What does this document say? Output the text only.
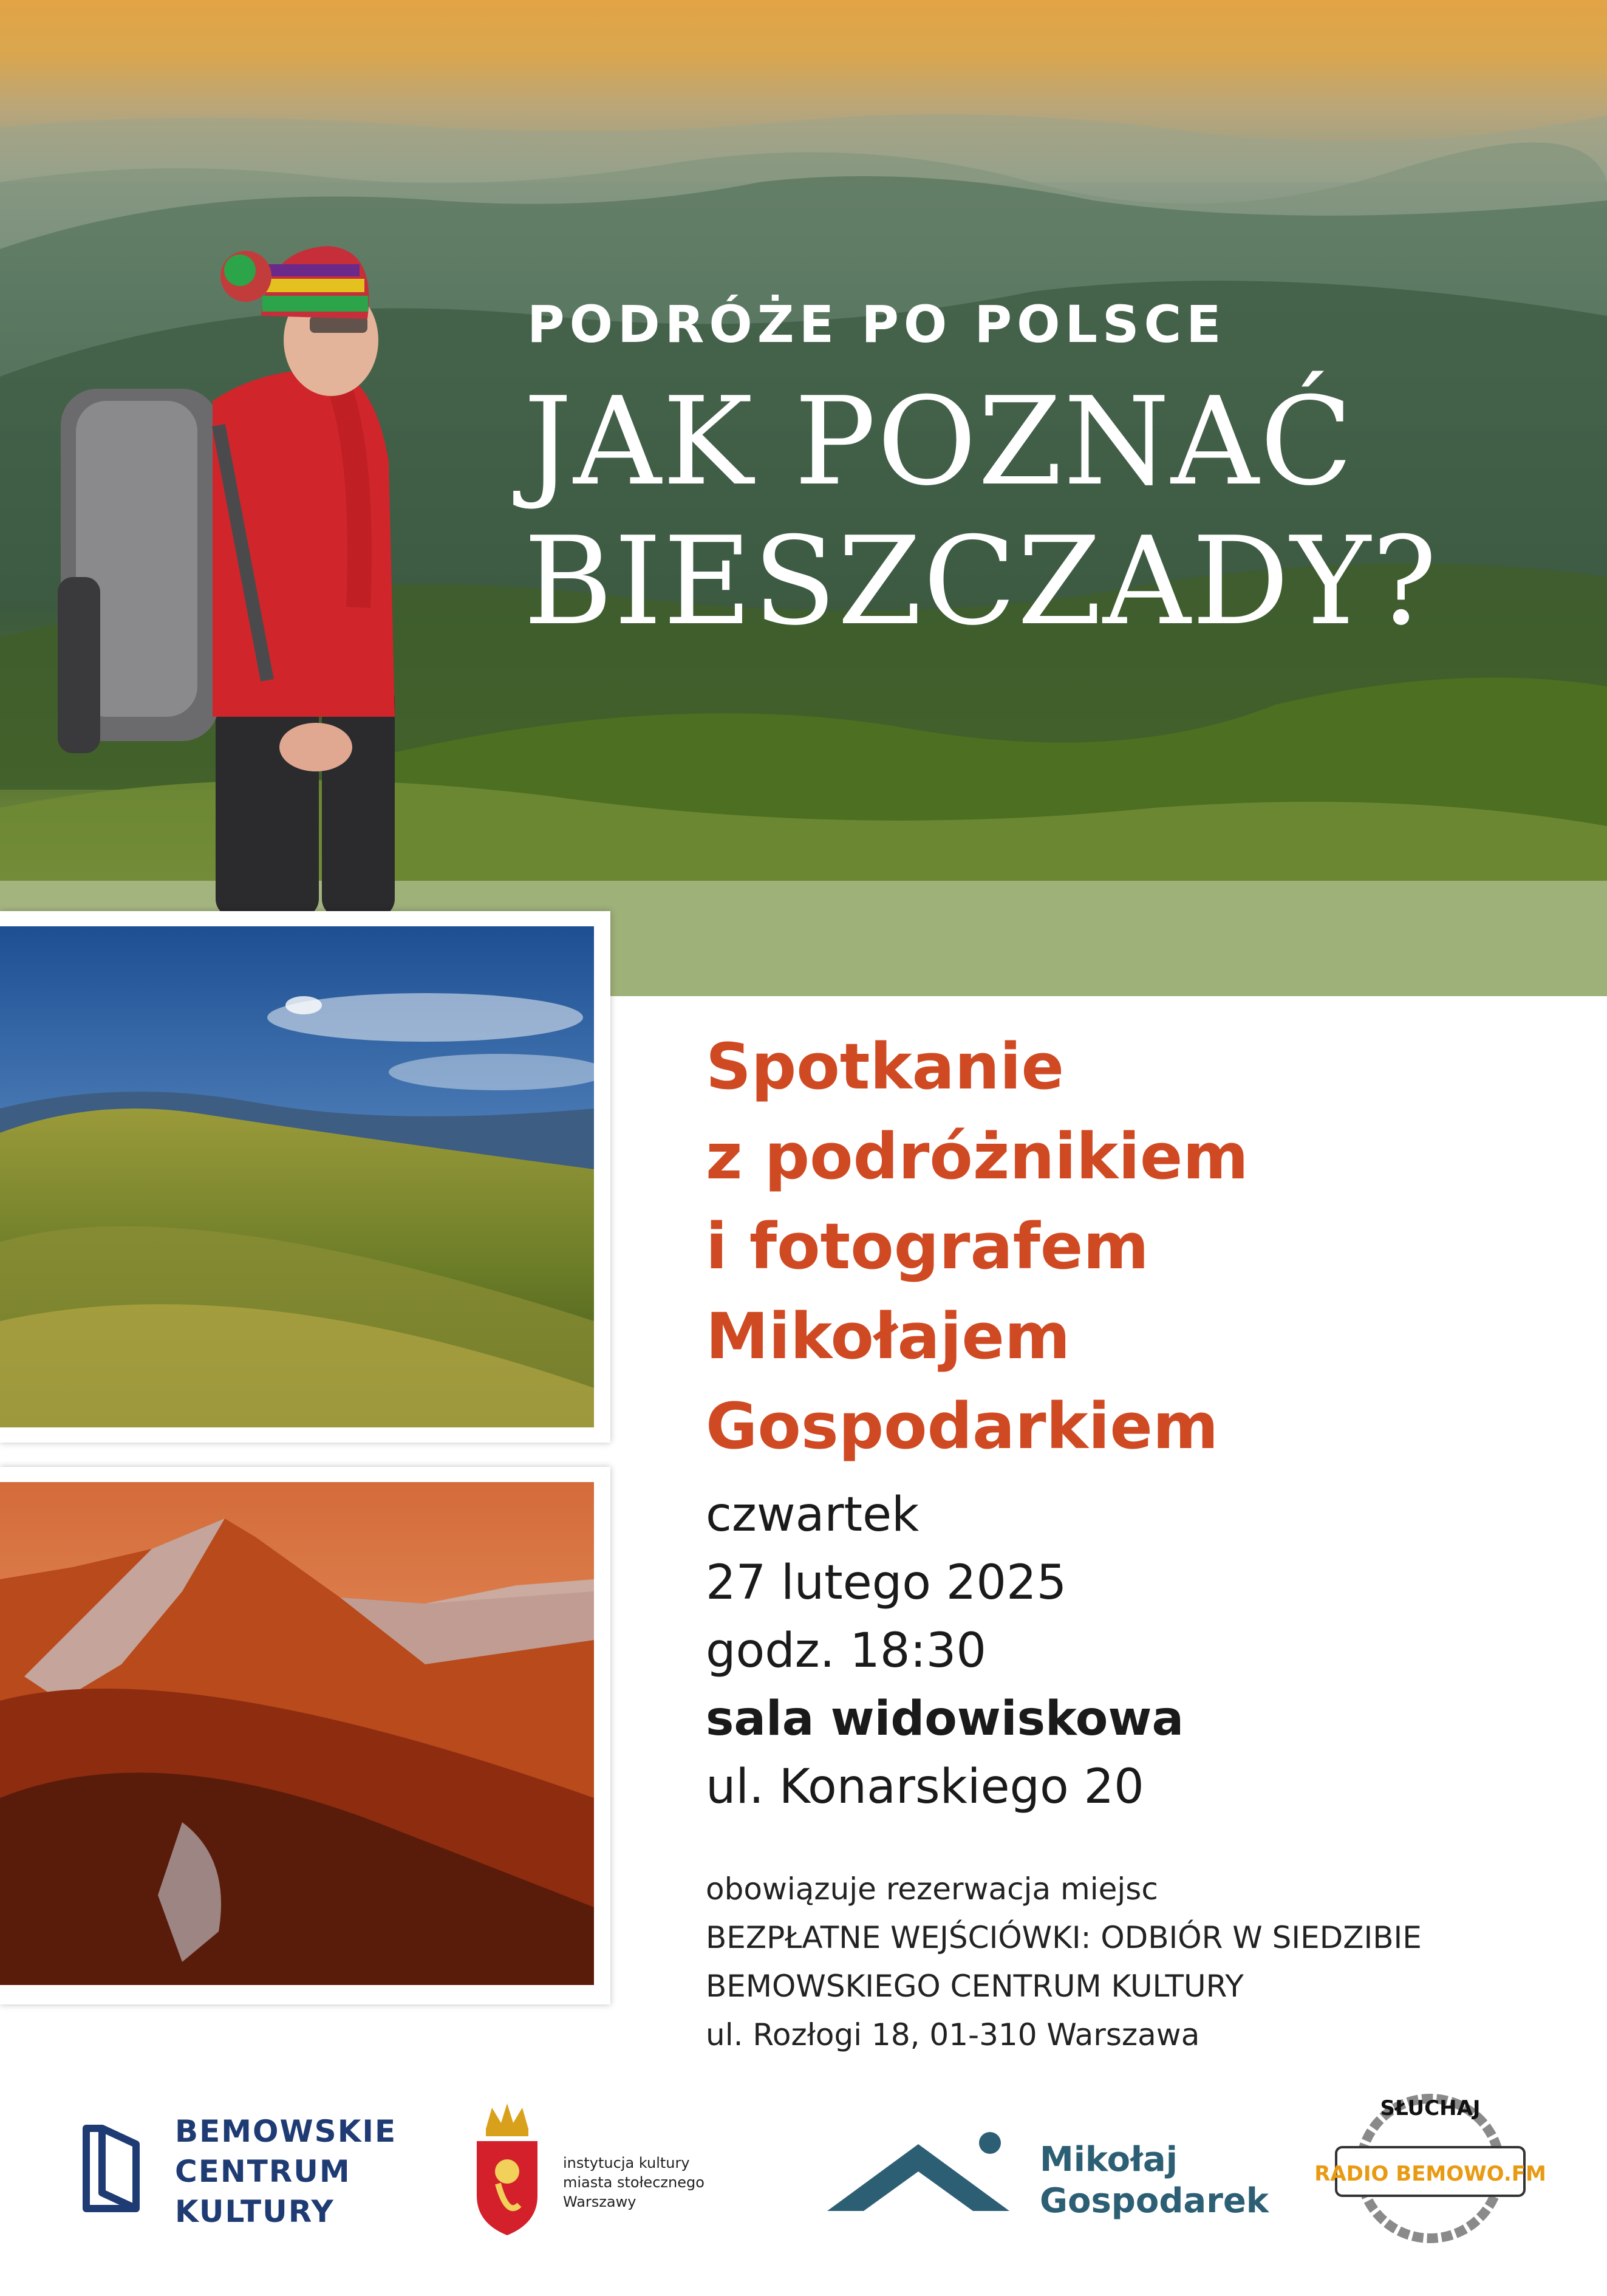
PODRÓŻE PO POLSCE
JAK POZNAĆ
BIESZCZADY?
Spotkanie
z podróżnikiem
i fotografem
Mikołajem
Gospodarkiem
czwartek
27 lutego 2025
godz. 18:30
sala widowiskowa
ul. Konarskiego 20
obowiązuje rezerwacja miejsc
BEZPŁATNE WEJŚCIÓWKI: ODBIÓR W SIEDZIBIE
BEMOWSKIEGO CENTRUM KULTURY
ul. Rozłogi 18, 01-310 Warszawa
BEMOWSKIE
CENTRUM
KULTURY
instytucja kultury
miasta stołecznego
Warszawy
Mikołaj
Gospodarek
SŁUCHAJ
RADIO BEMOWO.FM
